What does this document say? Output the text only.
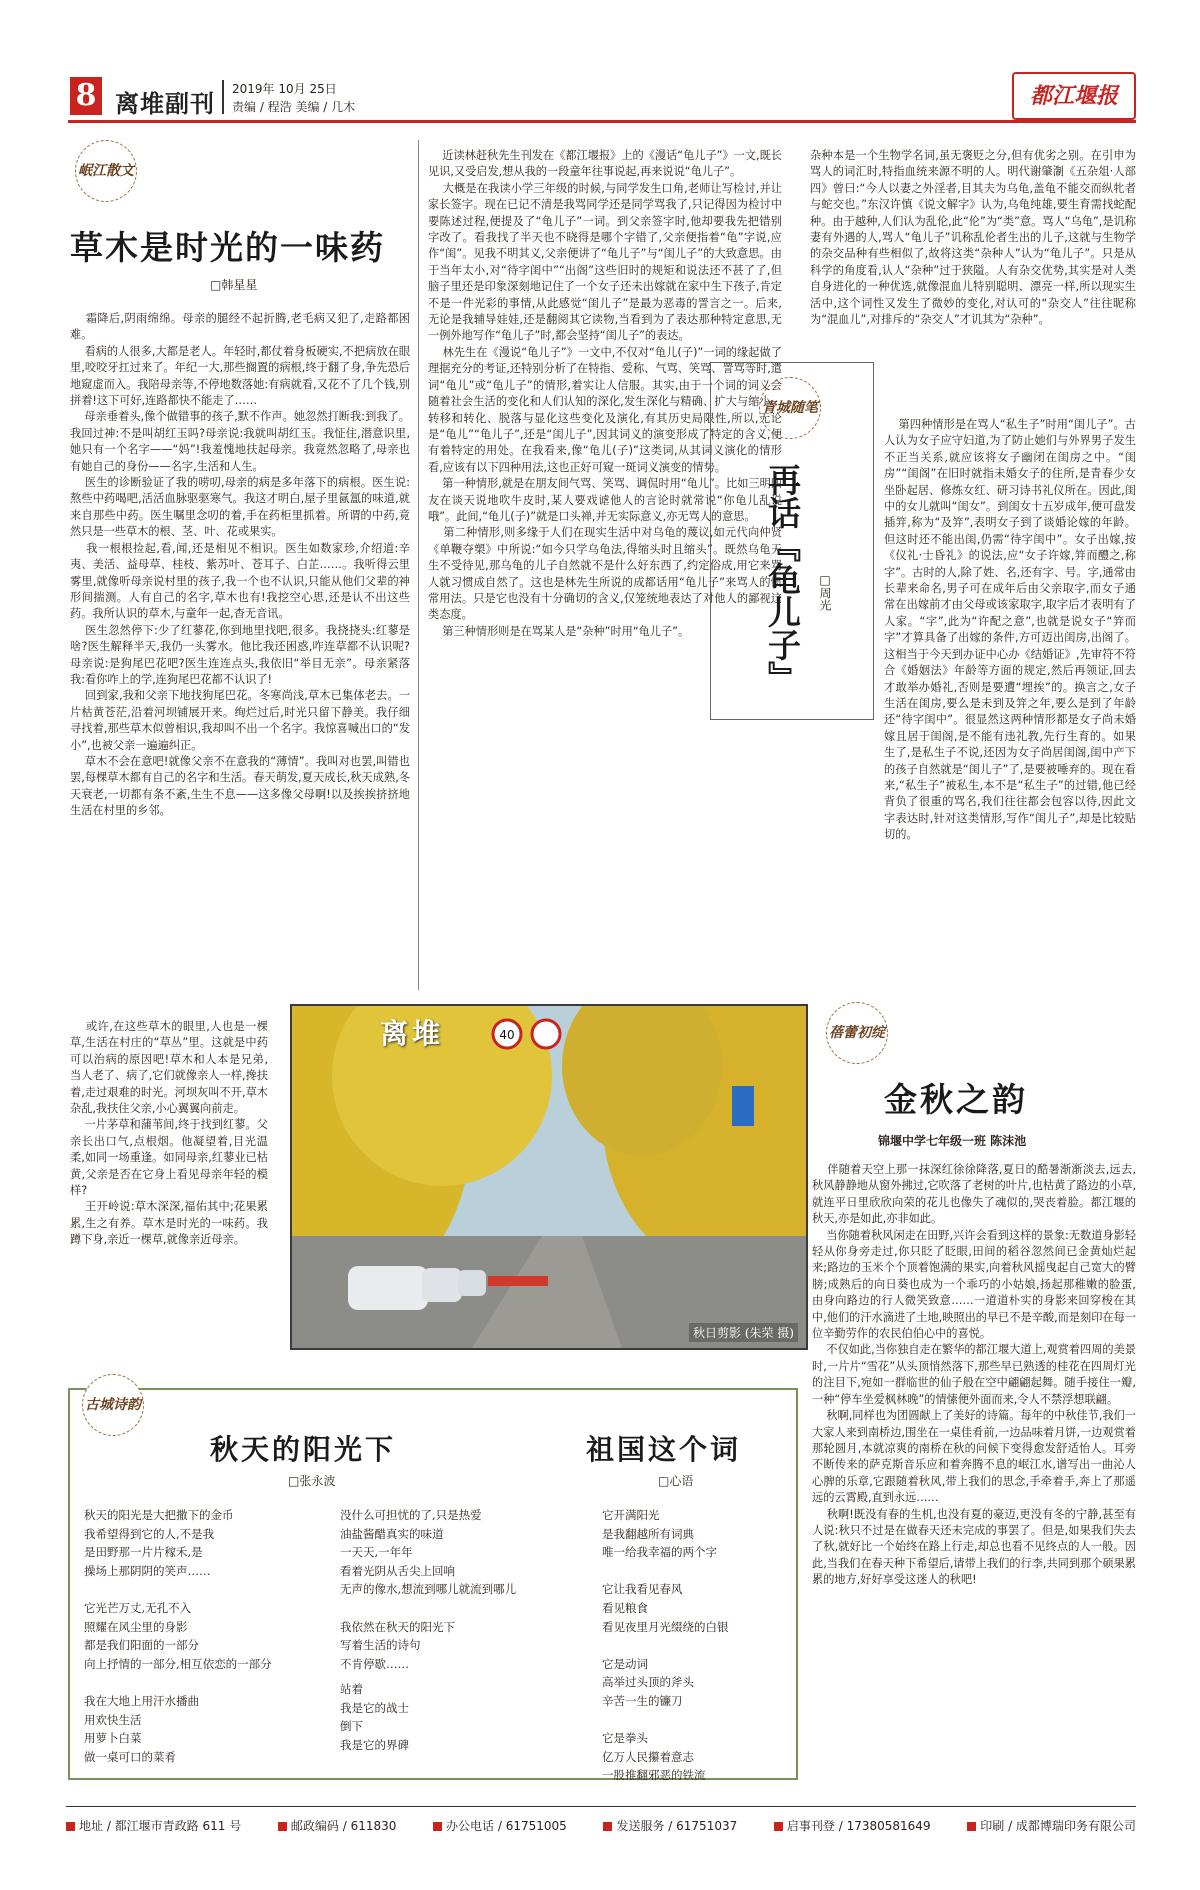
8 离堆副刊
2019年 10月 25日
责编 / 程浩 美编 / 几木	都江堰报
岷江散文
草木是时光的一味药
□韩星星

霜降后,阴雨绵绵。母亲的腿经不起折腾,老毛病又犯了,走路都困难。
看病的人很多,大都是老人。年轻时,都仗着身板硬实,不把病放在眼里,咬咬牙扛过来了。年纪一大,那些搁置的病根,终于翻了身,争先恐后地窥虚而入。我陪母亲等,不停地数落她:有病就看,又花不了几个钱,别拼着!这下可好,连路都快不能走了……
母亲垂着头,像个做错事的孩子,默不作声。她忽然打断我:到我了。我回过神:不是叫胡红玉吗?母亲说:我就叫胡红玉。我怔住,潜意识里,她只有一个名字——“妈”!我羞愧地扶起母亲。我竟然忽略了,母亲也有她自己的身份——名字,生活和人生。
医生的诊断验证了我的唠叨,母亲的病是多年落下的病根。医生说:熬些中药喝吧,活活血脉驱驱寒气。我这才明白,屋子里氤氲的味道,就来自那些中药。医生嘱里念叨的着,手在药柜里抓着。所谓的中药,竟然只是一些草木的根、茎、叶、花或果实。
我一根根捡起,看,闻,还是相见不相识。医生如数家珍,介绍道:辛夷、美活、益母草、桂枝、紫苏叶、苍耳子、白芷……。我听得云里雾里,就像听母亲说村里的孩子,我一个也不认识,只能从他们父辈的神形间揣测。人有自己的名字,草木也有!我挖空心思,还是认不出这些药。我所认识的草木,与童年一起,杳无音讯。
医生忽然停下:少了红蓼花,你到地里找吧,很多。我挠挠头:红蓼是啥?医生解释半天,我仍一头雾水。他比我还困惑,咋连草都不认识呢?母亲说:是狗尾巴花吧?医生连连点头,我依旧“举目无亲”。母亲紧落我:看你咋上的学,连狗尾巴花都不认识了!
回到家,我和父亲下地找狗尾巴花。冬寒尚浅,草木已集体老去。一片枯黄苍茫,沿着河坝铺展开来。绚烂过后,时光只留下静美。我仔细寻找着,那些草木似曾相识,我却叫不出一个名字。我惊喜喊出口的“发小”,也被父亲一遍遍纠正。
草木不会在意吧!就像父亲不在意我的“薄情”。我叫对也罢,叫错也罢,每棵草木都有自己的名字和生活。春天萌发,夏天成长,秋天成熟,冬天衰老,一切都有条不紊,生生不息——这多像父母啊!以及挨挨挤挤地生活在村里的乡邻。

或许,在这些草木的眼里,人也是一棵草,生活在村庄的“草丛”里。这就是中药可以治病的原因吧!草木和人本是兄弟,当人老了、病了,它们就像亲人一样,搀扶着,走过艰难的时光。河坝灰叫不开,草木杂乱,我扶住父亲,小心翼翼向前走。
一片茅草和蒲苇间,终于找到红蓼。父亲长出口气,点根烟。他凝望着,目光温柔,如同一场重逢。如同母亲,红蓼业已枯黄,父亲是否在它身上看见母亲年轻的模样?
王开岭说:草木深深,福佑其中;花果累累,生之有养。草木是时光的一味药。我蹲下身,亲近一棵草,就像亲近母亲。

近读林赶秋先生刊发在《都江堰报》上的《漫话“龟儿子”》一文,既长见识,又受启发,想从我的一段童年往事说起,再来说说“龟儿子”。
大概是在我读小学三年级的时候,与同学发生口角,老师让写检讨,并让家长签字。现在已记不清是我骂同学还是同学骂我了,只记得因为检讨中要陈述过程,便提及了“龟儿子”一词。到父亲签字时,他却要我先把错别字改了。看我找了半天也不晓得是哪个字错了,父亲便指着“龟”字说,应作“闺”。见我不明其义,父亲便讲了“龟儿子”与“闺儿子”的大致意思。由于当年太小,对“待字闺中”“出阁”这些旧时的规矩和说法还不甚了了,但脑子里还是印象深刻地记住了一个女子还未出嫁就在家中生下孩子,肯定不是一件光彩的事情,从此感觉“闺儿子”是最为恶毒的詈言之一。后来,无论是我辅导娃娃,还是翻阅其它读物,当看到为了表达那种特定意思,无一例外地写作“龟儿子”时,都会坚持“闺儿子”的表达。
林先生在《漫说“龟儿子”》一文中,不仅对“龟儿(子)”一词的缘起做了理据充分的考证,还特别分析了在特指、爱称、气骂、笑骂、詈骂等时,遣词“龟儿”或“龟儿子”的情形,着实让人信服。其实,由于一个词的词义会随着社会生活的变化和人们认知的深化,发生深化与精确、扩大与缩小、转移和转化、脱落与显化这些变化及演化,有其历史局限性,所以,无论是“龟儿”“龟儿子”,还是“闺儿子”,因其词义的演变形成了特定的含义,便有着特定的用处。在我看来,像“龟儿(子)”这类词,从其词义演化的情形看,应该有以下四种用法,这也正好可窥一斑词义演变的情势。
第一种情形,就是在朋友间气骂、笑骂、调侃时用“龟儿”。比如三明四友在谈天说地吹牛皮时,某人要戏谑他人的言论时就常说“你龟儿乱说哦”。此间,“龟儿(子)”就是口头禅,并无实际意义,亦无骂人的意思。
第二种情形,则多缘于人们在现实生活中对乌龟的蔑议,如元代向仲贤《单鞭夺槊》中所说:“如今只学乌龟法,得缩头时且缩头”。既然乌龟天生不受待见,那乌龟的儿子自然就不是什么好东西了,约定俗成,用它来骂人就习惯成自然了。这也是林先生所说的成都话用“龟儿子”来骂人的惯常用法。只是它也没有十分确切的含义,仅笼统地表达了对他人的鄙视这类态度。
第三种情形则是在骂某人是“杂种”时用“龟儿子”。

杂种本是一个生物学名词,虽无褒贬之分,但有优劣之别。在引申为骂人的词汇时,特指血统来源不明的人。明代谢肇淛《五杂俎·人部四》曾曰:“今人以妻之外淫者,目其夫为乌龟,盖龟不能交而纵牝者与蛇交也。”东汉许慎《说文解字》认为,乌龟纯雄,要生育需找蛇配种。由于越种,人们认为乱伦,此“伦”为“类”意。骂人“乌龟”,是讥称妻有外遇的人,骂人“龟儿子”讥称乱伦者生出的儿子,这就与生物学的杂交品种有些相似了,故将这类“杂种人”认为“龟儿子”。只是从科学的角度看,认人“杂种”过于狭隘。人有杂交优势,其实是对人类自身进化的一种优选,就像混血儿特别聪明、漂亮一样,所以现实生活中,这个词性又发生了微妙的变化,对认可的“杂交人”往往昵称为“混血儿”,对排斥的“杂交人”才讥其为“杂种”。

第四种情形是在骂人“私生子”时用“闺儿子”。古人认为女子应守妇道,为了防止她们与外界男子发生不正当关系,就应该将女子幽闭在闺房之中。“闺房”“闺阁”在旧时就指未婚女子的住所,是青春少女坐卧起居、修炼女红、研习诗书礼仪所在。因此,闺中的女儿就叫“闺女”。到闺女十五岁成年,便可盘发插笄,称为“及笄”,表明女子到了谈婚论嫁的年龄。但这时还不能出闺,仍需“待字闺中”。女子出嫁,按《仪礼·士昏礼》的说法,应“女子许嫁,笄而醴之,称字”。古时的人,除了姓、名,还有字、号。字,通常由长辈来命名,男子可在成年后由父亲取字,而女子通常在出嫁前才由父母或该家取字,取字后才表明有了人家。“字”,此为“许配之意”,也就是说女子“笄而字”才算具备了出嫁的条件,方可迈出闺房,出阁了。这相当于今天到办证中心办《结婚证》,先审符不符合《婚姻法》年龄等方面的规定,然后再领证,回去才敢举办婚礼,否则是要遭“埋挨”的。换言之,女子生活在闺房,要么是未到及笄之年,要么是到了年龄还“待字闺中”。很显然这两种情形都是女子尚未婚嫁且居于闺阁,是不能有违礼教,先行生育的。如果生了,是私生子不说,还因为女子尚居闺阁,闺中产下的孩子自然就是“闺儿子”了,是要被唾弃的。现在看来,“私生子”被私生,本不是“私生子”的过错,他已经背负了很重的骂名,我们往往都会包容以待,因此文字表达时,针对这类情形,写作“闺儿子”,却是比较贴切的。

青城随笔
再话『龟儿子』 □周光
40
离堆
秋日剪影 (朱荣 摄)
蓓蕾初绽
金秋之韵
锦堰中学七年级一班 陈沫池

伴随着天空上那一抹深红徐徐降落,夏日的酷暑渐渐淡去,远去,秋风静静地从窗外拂过,它吹落了老树的叶片,也枯黄了路边的小草,就连平日里欣欣向荣的花儿也像失了魂似的,哭丧着脸。都江堰的秋天,亦是如此,亦非如此。
当你随着秋风闲走在田野,兴许会看到这样的景象:无数道身影轻轻从你身旁走过,你只眨了眨眼,田间的稻谷忽然间已金黄灿烂起来;路边的玉米个个顶着饱满的果实,向着秋风摇曳起自己宽大的臂膀;成熟后的向日葵也成为一个乖巧的小姑娘,扬起那稚嫩的脸蛋,由身向路边的行人微笑致意……一道道朴实的身影来回穿梭在其中,他们的汗水滴进了土地,映照出的早已不是辛酸,而是刻印在每一位辛勤劳作的农民伯伯心中的喜悦。
不仅如此,当你独自走在繁华的都江堰大道上,观赏着四周的美景时,一片片“雪花”从头顶悄然落下,那些早已熟透的桂花在四周灯光的注目下,宛如一群临世的仙子般在空中翩翩起舞。随手接住一瓣,一种“停车坐爱枫林晚”的情愫便外面而来,令人不禁浮想联翩。
秋啊,同样也为团圆献上了美好的诗篇。每年的中秋佳节,我们一大家人来到南桥边,围坐在一桌佳肴前,一边品味着月饼,一边观赏着那轮圆月,本就凉爽的南桥在秋的问候下变得愈发舒适怡人。耳旁不断传来的萨克斯音乐应和着奔腾不息的岷江水,谱写出一曲沁人心脾的乐章,它跟随着秋风,带上我们的思念,手牵着手,奔上了那遥远的云霄殿,直到永远……
秋啊!既没有春的生机,也没有夏的豪迈,更没有冬的宁静,甚至有人说:秋只不过是在做春天还未完成的事罢了。但是,如果我们失去了秋,就好比一个始终在路上行走,却总也看不见终点的人一般。因此,当我们在春天种下希望后,请带上我们的行李,共同到那个硕果累累的地方,好好享受这迷人的秋吧!

古城诗韵
秋天的阳光下
□张永波

秋天的阳光是大把撒下的金币
我希望得到它的人,不是我
是田野那一片片稼禾,是
操场上那阴阴的笑声……

它光芒万丈,无孔不入
照耀在风尘里的身影
都是我们阳面的一部分
向上抒情的一部分,相互依恋的一部分

我在大地上用汗水播曲
用欢快生活
用萝卜白菜
做一桌可口的菜肴

没什么可担忧的了,只是热爱
油盐酱醋真实的味道
一天天,一年年
看着光阴从舌尖上回响
无声的像水,想流到哪儿就流到哪儿

我依然在秋天的阳光下
写着生活的诗句
不肯停歇……

祖国这个词
□心语

它开满阳光
是我翻越所有词典
唯一给我幸福的两个字

它让我看见春风
看见粮食
看见夜里月光缀绕的白银

它是动词
高举过头顶的斧头
辛苦一生的镰刀

它是拳头
亿万人民攥着意志
一股推翻邪恶的铁流

站着
我是它的战士
倒下
我是它的界碑

地址 / 都江堰市青政路 611 号	邮政编码 / 611830	办公电话 / 61751005	发送服务 / 61751037	启事刊登 / 17380581649	印刷 / 成都博瑞印务有限公司
